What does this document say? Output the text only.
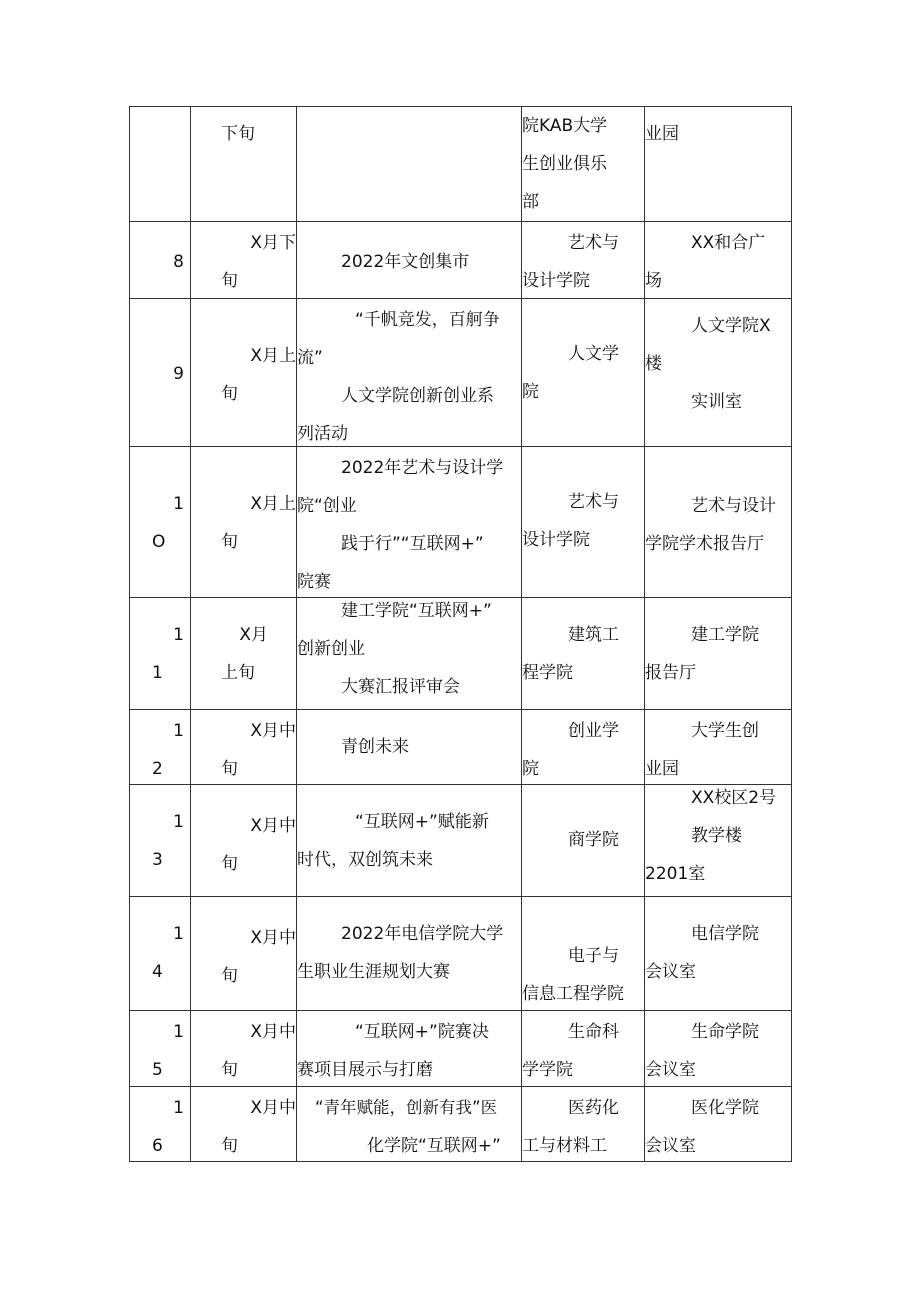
	下旬		院KAB大学
生创业俱乐
部	业园

8	X月下
旬	2022年文创集市	艺术与
设计学院	XX和合广
场

9	X月上
旬	“千帆竞发，百舸争
流”
人文学院创新创业系
列活动	人文学
院	人文学院X
楼
实训室

1
O	X月上
旬	2022年艺术与设计学
院“创业
践于行”“互联网+”
院赛	艺术与
设计学院	艺术与设计
学院学术报告厅

1
1	X月
上旬	建工学院“互联网+”
创新创业
大赛汇报评审会	建筑工
程学院	建工学院
报告厅

1
2	X月中
旬	青创未来	创业学
院	大学生创
业园

1
3	X月中
旬	“互联网+”赋能新
时代，双创筑未来	商学院	XX校区2号
教学楼
2201室

1
4	X月中
旬	2022年电信学院大学
生职业生涯规划大赛	电子与
信息工程学院	电信学院
会议室

1
5	X月中
旬	“互联网+”院赛决
赛项目展示与打磨	生命科
学学院	生命学院
会议室

1
6	X月中
旬	“青年赋能，创新有我”医
化学院“互联网+”	医药化
工与材料工	医化学院
会议室
